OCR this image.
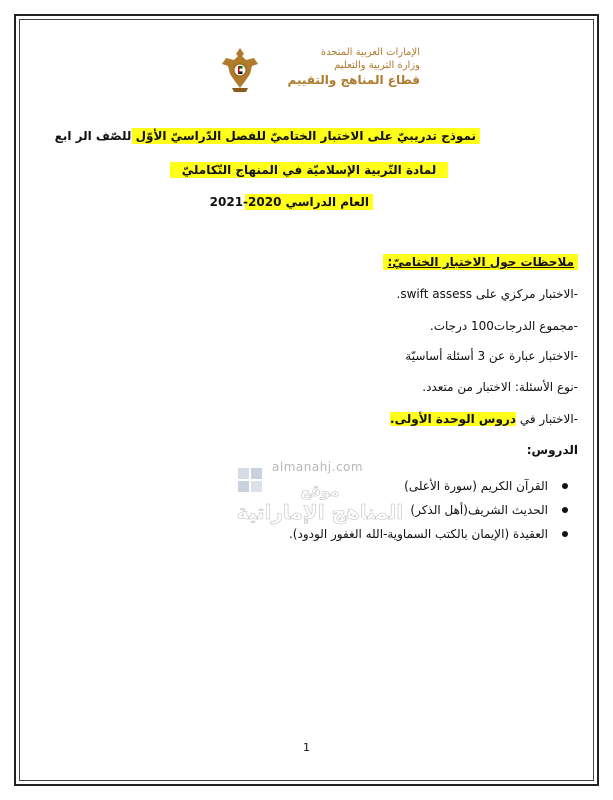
الإمارات العربية المتحدة
وزارة التربية والتعليم
قطاع المناهج والتقييم
نموذج تدريبيّ على الاختبار الختاميّ للفصل الدّراسيّ الأوّل للصّف الر ابع
لمادة التّربية الإسلاميّة في المنهاج التّكامليّ
العام الدراسي 2020-2021
ملاحظات حول الاختبار الختاميّ:
-الاختبار مركزي على swift assess.
-مجموع الدرجات100 درجات.
-الاختبار عبارة عن 3 أسئلة أساسيّة
-نوع الأسئلة: الاختبار من متعدد.
-الاختبار في دروس الوحدة الأولى.
الدروس:
القرآن الكريم (سورة الأعلى)
الحديث الشريف(أهل الذكر)
العقيدة (الإيمان بالكتب السماوية-الله الغفور الودود).
almanahj.com
موقع
المناهج الإماراتية
1
